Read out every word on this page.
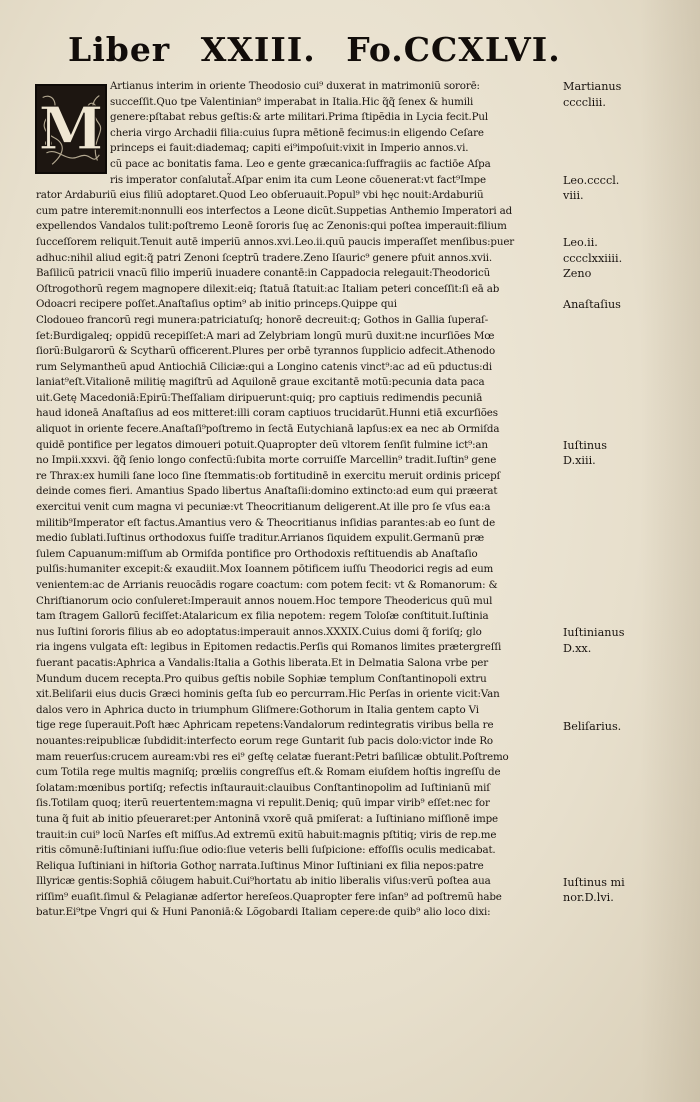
Liber XXIII. Fo.CCXLVI.
M
Artianus interim in oriente Theodosio cui⁹ duxerat in matrimoniũ sororē:
succeſſit.Quo tpe Valentinian⁹ imperabat in Italia.Hic q̃q̃ ſenex & humili
genere:pſtabat rebus geſtis:& arte militari.Prima ſtipẽdia in Lycia fecit.Pul
cheria virgo Archadii filia:cuius ſupra mētionē fecimus:in eligendo Ceſare
princeps ei fauit:diademaq; capiti ei⁹impoſuit:vixit in Imperio annos.vi.
cũ pace ac bonitatis fama. Leo e gente græcanica:ſuffragiis ac factiōe Aſpa
ris imperator conſalutat̃.Aſpar enim ita cum Leone cōuenerat:vt fact⁹Impe
rator Ardaburiũ eius filiũ adoptaret.Quod Leo obſeruauit.Popul⁹ vbi hęc nouit:Ardaburiũ
cum patre interemit:nonnulli eos interfectos a Leone dicũt.Suppetias Anthemio Imperatori ad
expellendos Vandalos tulit:poſtremo Leonē ſororis ſuę ac Zenonis:qui poſtea imperauit:filium
ſucceſſorem reliquit.Tenuit autē imperiũ annos.xvi.Leo.ii.quũ paucis imperaſſet menſibus:puer
adhuc:nihil aliud egit:q̃ patri Zenoni ſceptrũ tradere.Zeno Iſauric⁹ genere pfuit annos.xvii.
Baſilicũ patricii vnacũ filio imperiũ inuadere conantē:in Cappadocia relegauit:Theodoricũ
Oſtrogothorũ regem magnopere dilexit:eiq; ſtatuā ſtatuit:ac Italiam peteri conceſſit:ſi eā ab
Odoacri recipere poſſet.Anaſtaſius optim⁹ ab initio princeps.Quippe qui
Clodoueo francorũ regi munera:patriciatuſq; honorē decreuit:q; Gothos in Gallia ſuperaſ-
ſet:Burdigaleq; oppidũ recepiſſet:A mari ad Zelybriam longũ murũ duxit:ne incurſiões Mœ
ſiorũ:Bulgarorũ & Scytharũ officerent.Plures per orbē tyrannos ſupplicio adfecit.Athenodo
rum Selymantheũ apud Antiochiā Ciliciæ:qui a Longino catenis vinct⁹:ac ad eũ pductus:di
laniat⁹eſt.Vitalionē militię magiſtrũ ad Aquilonē graue excitantē motũ:pecunia data paca
uit.Getę Macedoniā:Epirũ:Theſſaliam diripuerunt:quiq; pro captiuis redimendis pecuniā
haud idoneā Anaſtaſius ad eos mitteret:illi coram captiuos trucidarũt.Hunni etiā excurſiões
aliquot in oriente fecere.Anaſtaſi⁹poſtremo in ſectā Eutychianā lapſus:ex ea nec ab Ormiſda
quidē pontifice per legatos dimoueri potuit.Quapropter deũ vltorem ſenſit fulmine ict⁹:an
no Impii.xxxvi. q̃q̃ ſenio longo confectũ:ſubita morte corruiſſe Marcellin⁹ tradit.Iuſtin⁹ gene
re Thrax:ex humili ſane loco ſine ſtemmatis:ob fortitudinē in exercitu meruit ordinis pricepſ
deinde comes fieri. Amantius Spado libertus Anaſtaſii:domino extincto:ad eum qui præerat
exercitui venit cum magna vi pecuniæ:vt Theocritianum deligerent.At ille pro ſe vſus ea:a
militib⁹Imperator eſt factus.Amantius vero & Theocritianus inſidias parantes:ab eo ſunt de
medio ſublati.Iuſtinus orthodoxus fuiſſe traditur.Arrianos ſiquidem expulit.Germanũ præ
ſulem Capuanum:miſſum ab Ormiſda pontifice pro Orthodoxis reſtituendis ab Anaſtaſio
pulſis:humaniter excepit:& exaudiit.Mox Ioannem pōtificem iuſſu Theodorici regis ad eum
venientem:ac de Arrianis reuocādis rogare coactum: com potem fecit: vt & Romanorum: &
Chriſtianorum ocio conſuleret:Imperauit annos nouem.Hoc tempore Theodericus quũ mul
tam ſtragem Gallorũ feciſſet:Atalaricum ex filia nepotem: regem Toloſæ conſtituit.Iuſtinia
nus Iuſtini ſororis filius ab eo adoptatus:imperauit annos.XXXIX.Cuius domi q̃ foriſq; glo
ria ingens vulgata eſt: legibus in Epitomen redactis.Perſis qui Romanos limites prætergreſſi
fuerant pacatis:Aphrica a Vandalis:Italia a Gothis liberata.Et in Delmatia Salona vrbe per
Mundum ducem recepta.Pro quibus geſtis nobile Sophiæ templum Conſtantinopoli extru
xit.Beliſarii eius ducis Græci hominis geſta ſub eo percurram.Hic Perſas in oriente vicit:Van
dalos vero in Aphrica ducto in triumphum Gliſmere:Gothorum in Italia gentem capto Vi
tige rege ſuperauit.Poſt hæc Aphricam repetens:Vandalorum redintegratis viribus bella re
nouantes:reipublicæ ſubdidit:interfecto eorum rege Guntarit ſub pacis dolo:victor inde Ro
mam reuerſus:crucem auream:vbi res ei⁹ geſtę celatæ fuerant:Petri baſilicæ obtulit.Poſtremo
cum Totila rege multis magniſq; prœliis congreſſus eſt.& Romam eiuſdem hoſtis ingreſſu de
ſolatam:mœnibus portiſq; refectis inſtaurauit:clauibus Conſtantinopolim ad Iuſtinianũ miſ
ſis.Totilam quoq; iterũ reuertentem:magna vi repulit.Deniq; quũ impar virib⁹ eſſet:nec for
tuna q̃ fuit ab initio pſeueraret:per Antoninā vxorē quā pmiſerat: a Iuſtiniano miſſionē impe
trauit:in cui⁹ locũ Narſes eſt miſſus.Ad extremũ exitũ habuit:magnis pſtitiq; viris de rep.me
ritis cōmunē:Iuſtiniani iuſſu:ſiue odio:ſiue veteris belli ſuſpicione: effoſſis oculis medicabat.
Reliqua Iuſtiniani in hiſtoria Gothoɽ narrata.Iuſtinus Minor Iuſtiniani ex filia nepos:patre
Illyricæ gentis:Sophiā cōiugem habuit.Cui⁹hortatu ab initio liberalis viſus:verũ poſtea aua
riſſim⁹ euaſit.ſimul & Pelagianæ adſertor hereſeos.Quapropter fere inſan⁹ ad poſtremũ habe
batur.Ei⁹tpe Vngri qui & Huni Panoniā:& Lõgobardi Italiam cepere:de quib⁹ alio loco dixi:
Martianus
ccccliii.
Leo.ccccl.
viii.
Leo.ii.
cccclxxiiii.
Zeno
Anaſtaſius
Iuſtinus
D.xiii.
Iuſtinianus
D.xx.
Beliſarius.
Iuſtinus mi
nor.D.lvi.
